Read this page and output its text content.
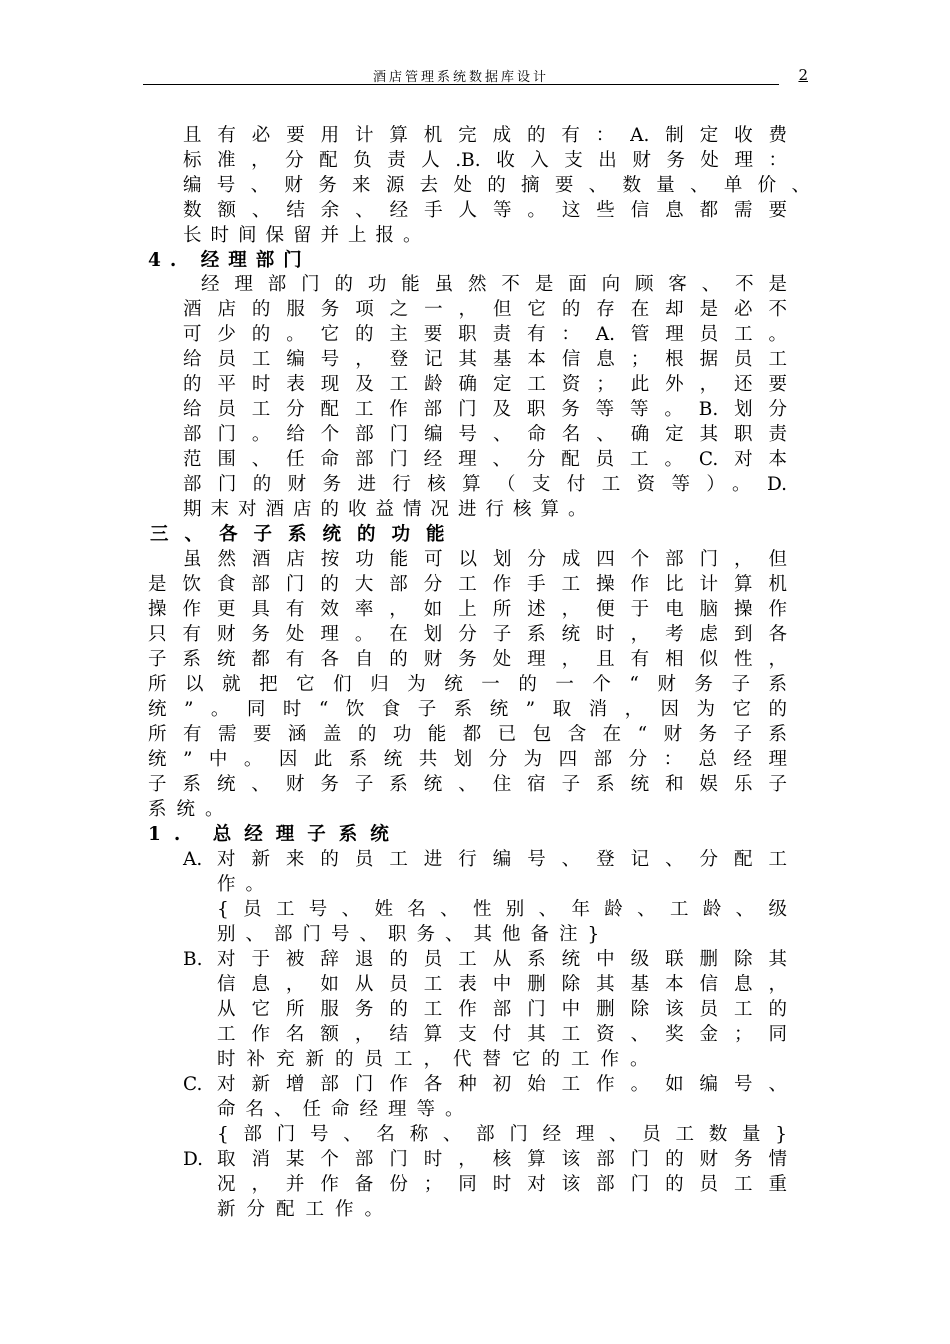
酒店管理系统数据库设计	2
且有必要用计算机完成的有：A.制定收费
标准，分配负责人.B.收入支出财务处理：
编号、财务来源去处的摘要、数量、单价、
数额、结余、经手人等。这些信息都需要
长时间保留并上报。
4. 经理部门
经理部门的功能虽然不是面向顾客、不是
酒店的服务项之一，但它的存在却是必不
可少的。它的主要职责有：A.管理员工。
给员工编号，登记其基本信息；根据员工
的平时表现及工龄确定工资；此外，还要
给员工分配工作部门及职务等等。B.划分
部门。给个部门编号、命名、确定其职责
范围、任命部门经理、分配员工。C.对本
部门的财务进行核算（支付工资等）。D.
期末对酒店的收益情况进行核算。
三、各子系统的功能
虽然酒店按功能可以划分成四个部门，但
是饮食部门的大部分工作手工操作比计算机
操作更具有效率，如上所述，便于电脑操作
只有财务处理。在划分子系统时，考虑到各
子系统都有各自的财务处理，且有相似性，
所以就把它们归为统一的一个“财务子系
统”。同时“饮食子系统”取消，因为它的
所有需要涵盖的功能都已包含在“财务子系
统”中。因此系统共划分为四部分：总经理
子系统、财务子系统、住宿子系统和娱乐子
系统。
1. 总经理子系统
A. 对新来的员工进行编号、登记、分配工
作。
{员工号、姓名、性别、年龄、工龄、级
别、部门号、职务、其他备注}
B. 对于被辞退的员工从系统中级联删除其
信息，如从员工表中删除其基本信息，
从它所服务的工作部门中删除该员工的
工作名额，结算支付其工资、奖金；同
时补充新的员工，代替它的工作。
C. 对新增部门作各种初始工作。如编号、
命名、任命经理等。
{部门号、名称、部门经理、员工数量}
D. 取消某个部门时，核算该部门的财务情
况，并作备份；同时对该部门的员工重
新分配工作。
